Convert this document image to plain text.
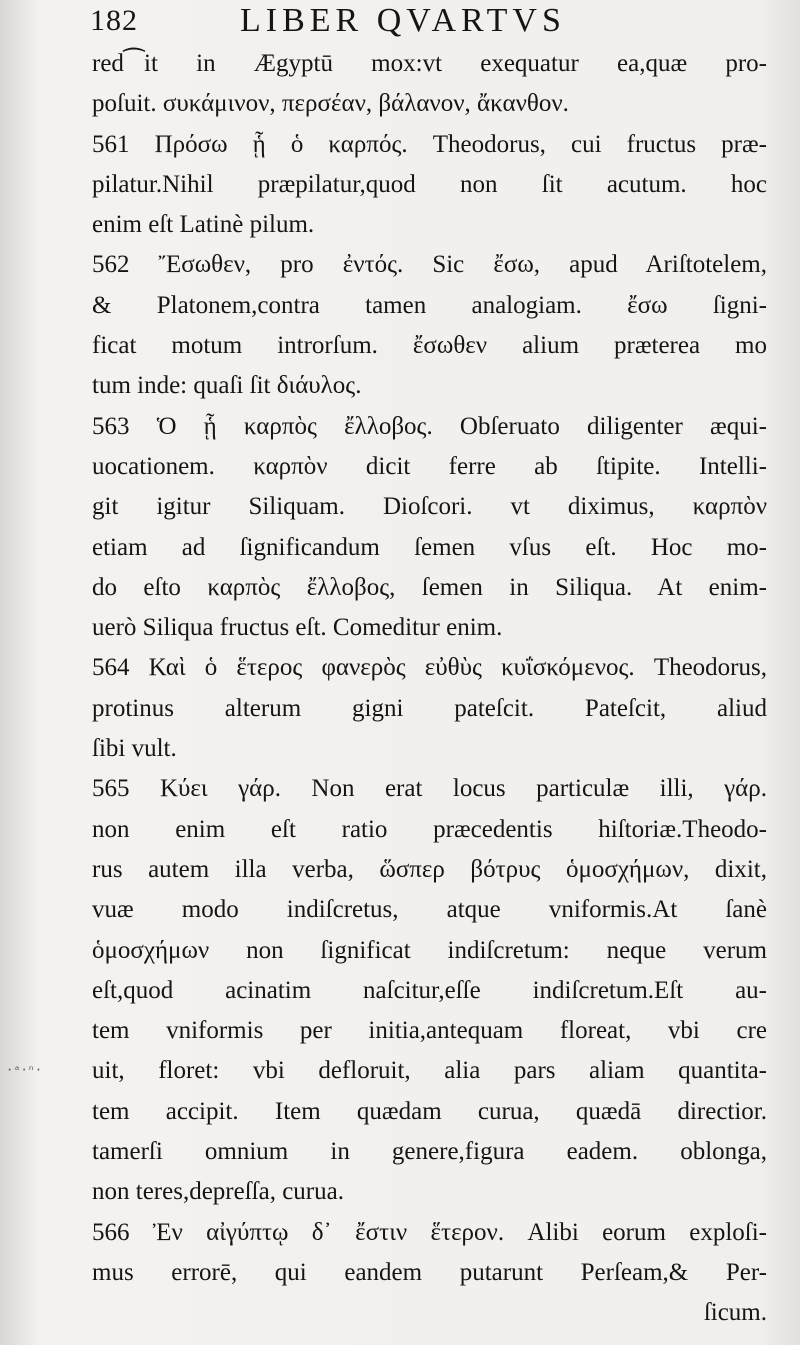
182	LIBER QVARTVS
·ᵃ·ⁿ·
red⁀it in Ægyptū mox:vt exequatur ea,quæ pro-
poſuit. συκάμινον, περσέαν, βάλανον, ἄκανθον.
561 Πρόσω ᾗ ὁ καρπός. Theodorus, cui fructus præ-
pilatur.Nihil præpilatur,quod non ſit acutum. hoc
enim eſt Latinè pilum.
562 Ἔσωθεν, pro ἐντός. Sic ἔσω, apud Ariſtotelem,
& Platonem,contra tamen analogiam. ἔσω ſigni-
ficat motum introrſum. ἔσωθεν alium præterea mo
tum inde: quaſi ſit διάυλος.
563 Ὁ ᾗ καρπὸς ἔλλοβος. Obſeruato diligenter æqui-
uocationem. καρπὸν dicit ferre ab ſtipite. Intelli-
git igitur Siliquam. Dioſcori. vt diximus, καρπὸν
etiam ad ſignificandum ſemen vſus eſt. Hoc mo-
do eſto καρπὸς ἔλλοβος, ſemen in Siliqua. At enim-
uerò Siliqua fructus eſt. Comeditur enim.
564 Καὶ ὁ ἕτερος φανερὸς εὐθὺς κυΐσκόμενος. Theodorus,
protinus alterum gigni pateſcit. Pateſcit, aliud
ſibi vult.
565 Κύει γάρ. Non erat locus particulæ illi, γάρ.
non enim eſt ratio præcedentis hiſtoriæ.Theodo-
rus autem illa verba, ὥσπερ βότρυς ὁμοσχήμων, dixit,
vuæ modo indiſcretus, atque vniformis.At ſanè
ὁμοσχήμων non ſignificat indiſcretum: neque verum
eſt,quod acinatim naſcitur,eſſe indiſcretum.Eſt au-
tem vniformis per initia,antequam floreat, vbi cre
uit, floret: vbi defloruit, alia pars aliam quantita-
tem accipit. Item quædam curua, quædā directior.
tamerſi omnium in genere,figura eadem. oblonga,
non teres,depreſſa, curua.
566 Ἐν αἰγύπτῳ δ᾽ ἔστιν ἕτερον. Alibi eorum exploſi-
mus errorē, qui eandem putarunt Perſeam,& Per-
ſicum.
